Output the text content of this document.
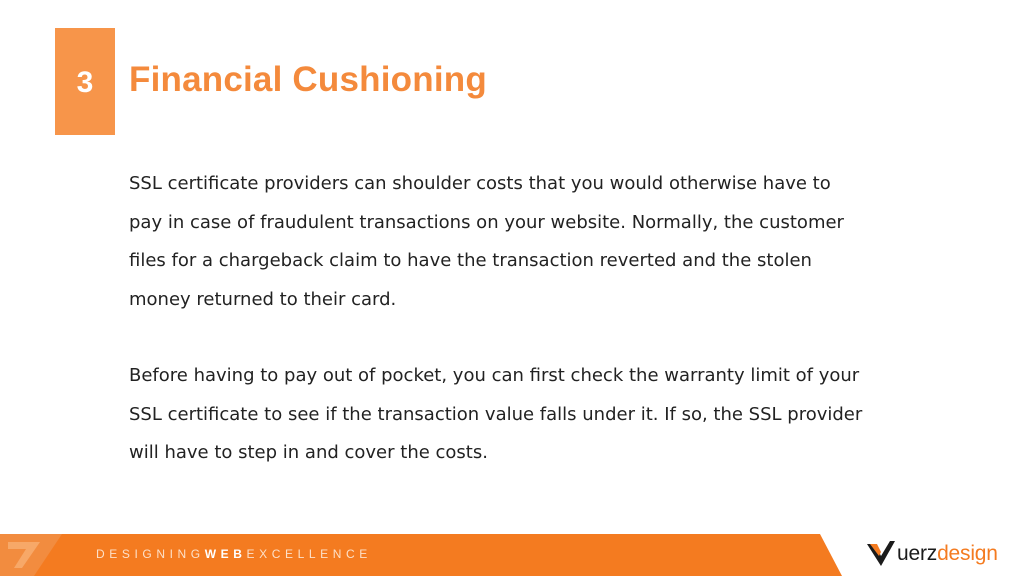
3 Financial Cushioning

SSL certificate providers can shoulder costs that you would otherwise have to
pay in case of fraudulent transactions on your website. Normally, the customer
files for a chargeback claim to have the transaction reverted and the stolen
money returned to their card.

Before having to pay out of pocket, you can first check the warranty limit of your
SSL certificate to see if the transaction value falls under it. If so, the SSL provider
will have to step in and cover the costs.

DESIGNINGWEBEXCELLENCE	uerzdesign
